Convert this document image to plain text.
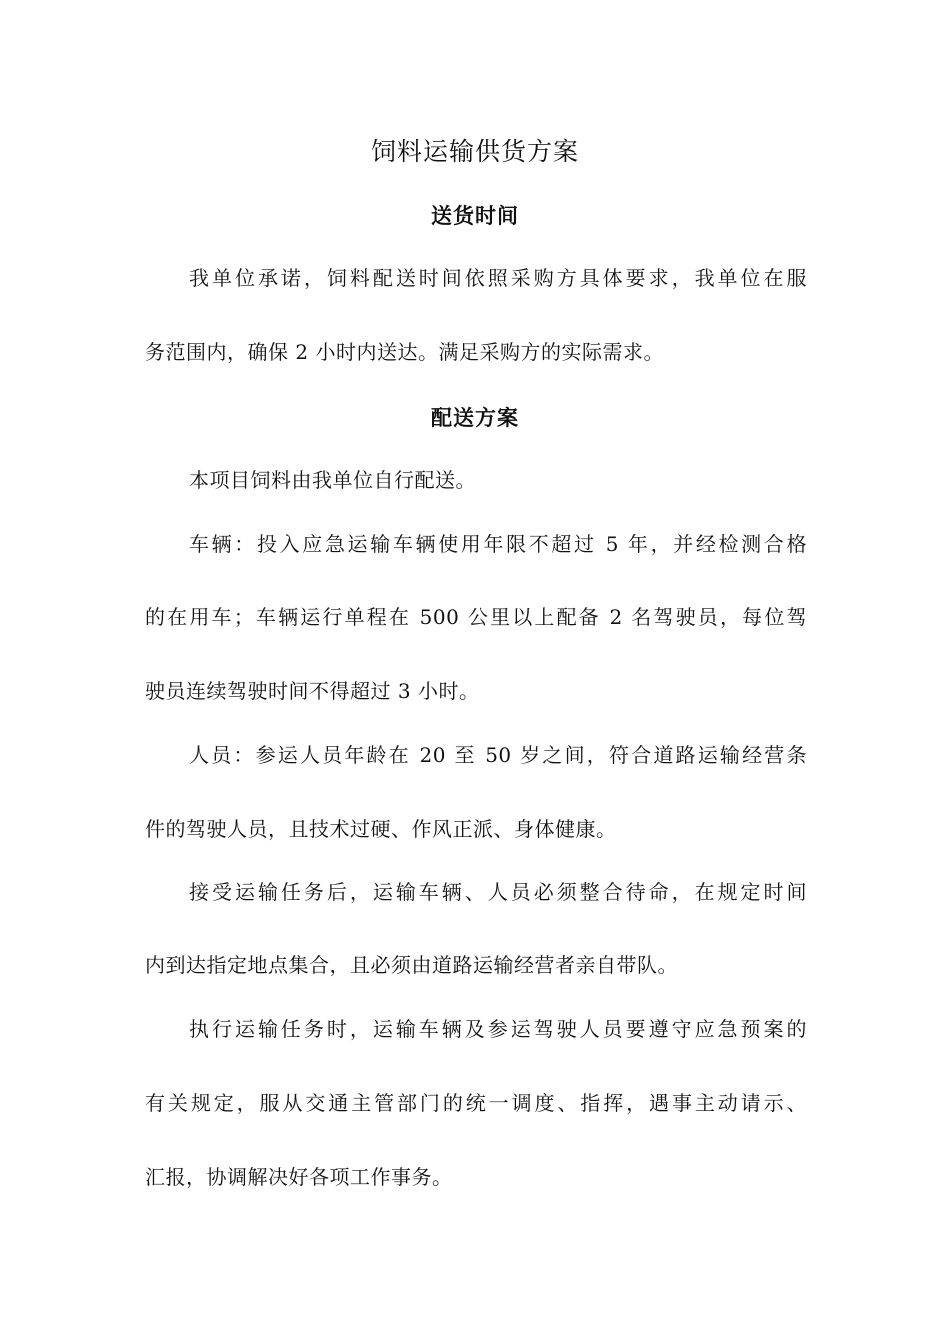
饲料运输供货方案
送货时间
我单位承诺，饲料配送时间依照采购方具体要求，我单位在服
务范围内，确保 2 小时内送达。满足采购方的实际需求。
配送方案
本项目饲料由我单位自行配送。
车辆：投入应急运输车辆使用年限不超过 5 年，并经检测合格
的在用车；车辆运行单程在 500 公里以上配备 2 名驾驶员，每位驾
驶员连续驾驶时间不得超过 3 小时。
人员：参运人员年龄在 20 至 50 岁之间，符合道路运输经营条
件的驾驶人员，且技术过硬、作风正派、身体健康。
接受运输任务后，运输车辆、人员必须整合待命，在规定时间
内到达指定地点集合，且必须由道路运输经营者亲自带队。
执行运输任务时，运输车辆及参运驾驶人员要遵守应急预案的
有关规定，服从交通主管部门的统一调度、指挥，遇事主动请示、
汇报，协调解决好各项工作事务。
